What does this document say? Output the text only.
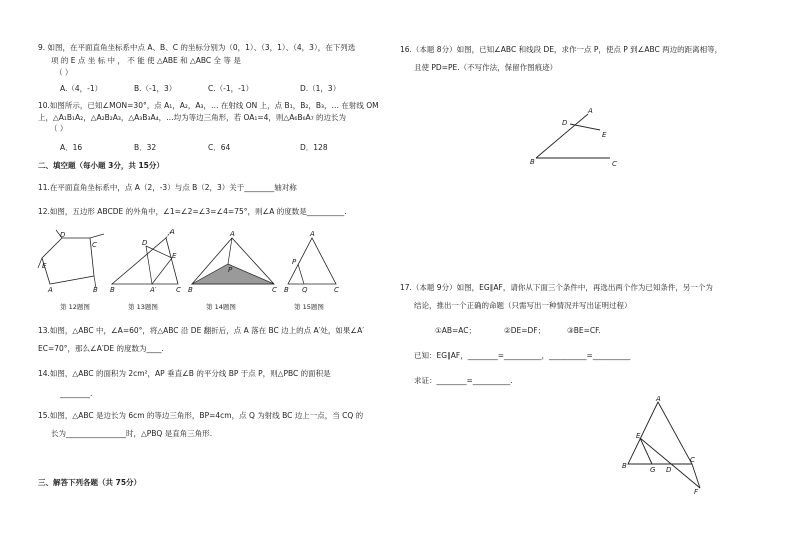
9. 如图，在平面直角坐标系中点 A、B、C 的坐标分别为（0，1）、（3，1）、（4，3），在下列选
项 的 E 点 坐 标 中 ， 不 能 使 △ABE 和 △ABC 全 等 是
（ ）
A.（4，-1）	B.（-1，3）	C.（-1，-1）	D.（1，3）
10.如图所示，已知∠MON=30°，点 A₁，A₂，A₃，… 在射线 ON 上，点 B₁，B₂，B₃，… 在射线 OM
上，△A₁B₁A₂，△A₂B₂A₃，△A₃B₃A₄，…均为等边三角形，若 OA₁=4，则△A₆B₆A₇ 的边长为
（ ）
A．16	B．32	C．64	D．128
二、填空题（每小题 3分，共 15分）
11.在平面直角坐标系中，点 A（2，-3）与点 B（2，3）关于________轴对称
12.如图，五边形 ABCDE 的外角中，∠1=∠2=∠3=∠4=75°，则∠A 的度数是__________.
D
C
E
A	B
D
E
A
B	A′	C
A
P
B	C
A
P
B Q	C
第 12题图	第 13题图	第 14题图	第 15题图
13.如图，△ABC 中，∠A=60°，将△ABC 沿 DE 翻折后，点 A 落在 BC 边上的点 A′处，如果∠A′
EC=70°，那么∠A′DE 的度数为____.
14.如图，△ABC 的面积为 2cm²，AP 垂直∠B 的平分线 BP 于点 P，则△PBC 的面积是
________.
15.如图，△ABC 是边长为 6cm 的等边三角形，BP=4cm，点 Q 为射线 BC 边上一点，当 CQ 的
长为________________时，△PBQ 是直角三角形.
三、解答下列各题（共 75分）
16.（本题 8分）如图，已知∠ABC 和线段 DE，求作一点 P，使点 P 到∠ABC 两边的距离相等，
且使 PD=PE.（不写作法，保留作图痕迹）
A
D
E
B	C
17.（本题 9分）如图，EG∥AF，请你从下面三个条件中，再选出两个作为已知条件，另一个为
结论，推出一个正确的命题（只需写出一种情况并写出证明过程）
①AB=AC；	②DE=DF；	③BE=CF.
已知：EG∥AF，________=__________，__________=__________
求证：________=__________.
A
E
B	G D
C
F
